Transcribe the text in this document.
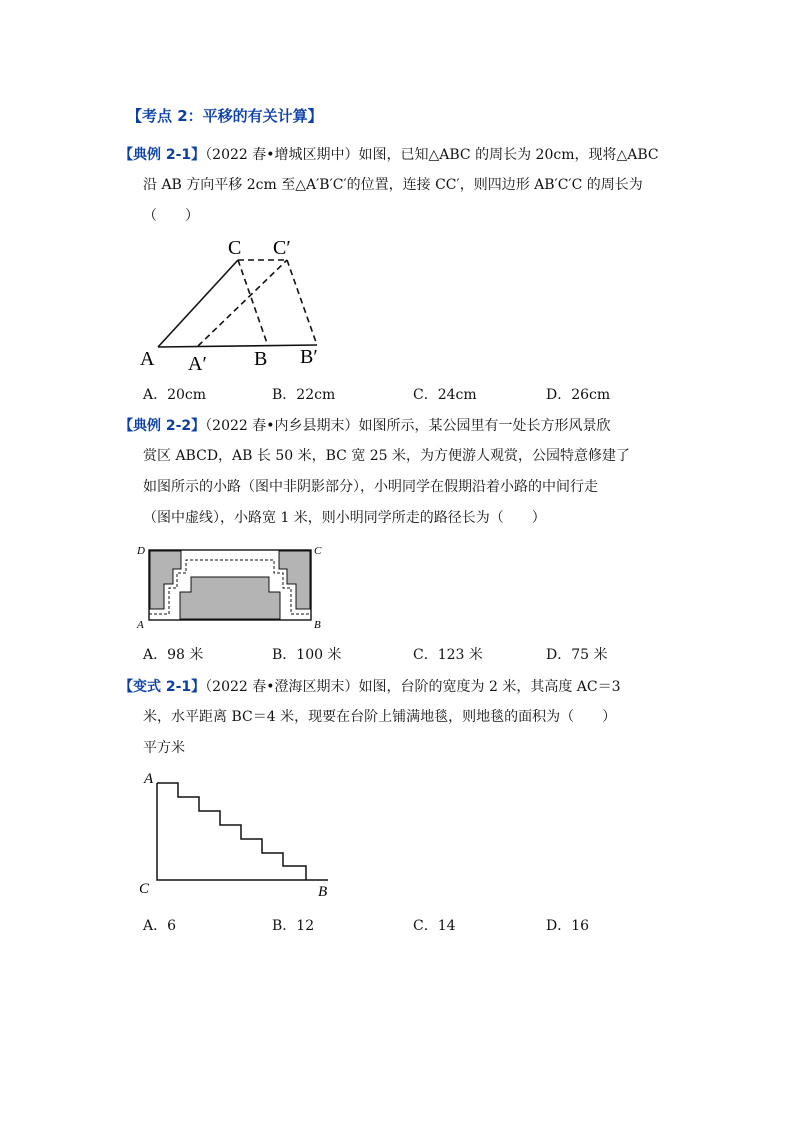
【考点 2：平移的有关计算】
【典例 2-1】（2022 春•增城区期中）如图，已知△ABC 的周长为 20cm，现将△ABC
沿 AB 方向平移 2cm 至△A′B′C′的位置，连接 CC′，则四边形 AB′C′C 的周长为
（　　）
A A′ B B′
C C′
A．20cm	B．22cm	C．24cm	D．26cm
【典例 2-2】（2022 春•内乡县期末）如图所示，某公园里有一处长方形风景欣
赏区 ABCD，AB 长 50 米，BC 宽 25 米，为方便游人观赏，公园特意修建了
如图所示的小路（图中非阴影部分），小明同学在假期沿着小路的中间行走
（图中虚线），小路宽 1 米，则小明同学所走的路径长为（　　）
D	C
A	B
A．98 米	B．100 米	C．123 米	D．75 米
【变式 2-1】（2022 春•澄海区期末）如图，台阶的宽度为 2 米，其高度 AC＝3
米，水平距离 BC＝4 米，现要在台阶上铺满地毯，则地毯的面积为（　　）
平方米
A
C	B
A．6	B．12	C．14	D．16
